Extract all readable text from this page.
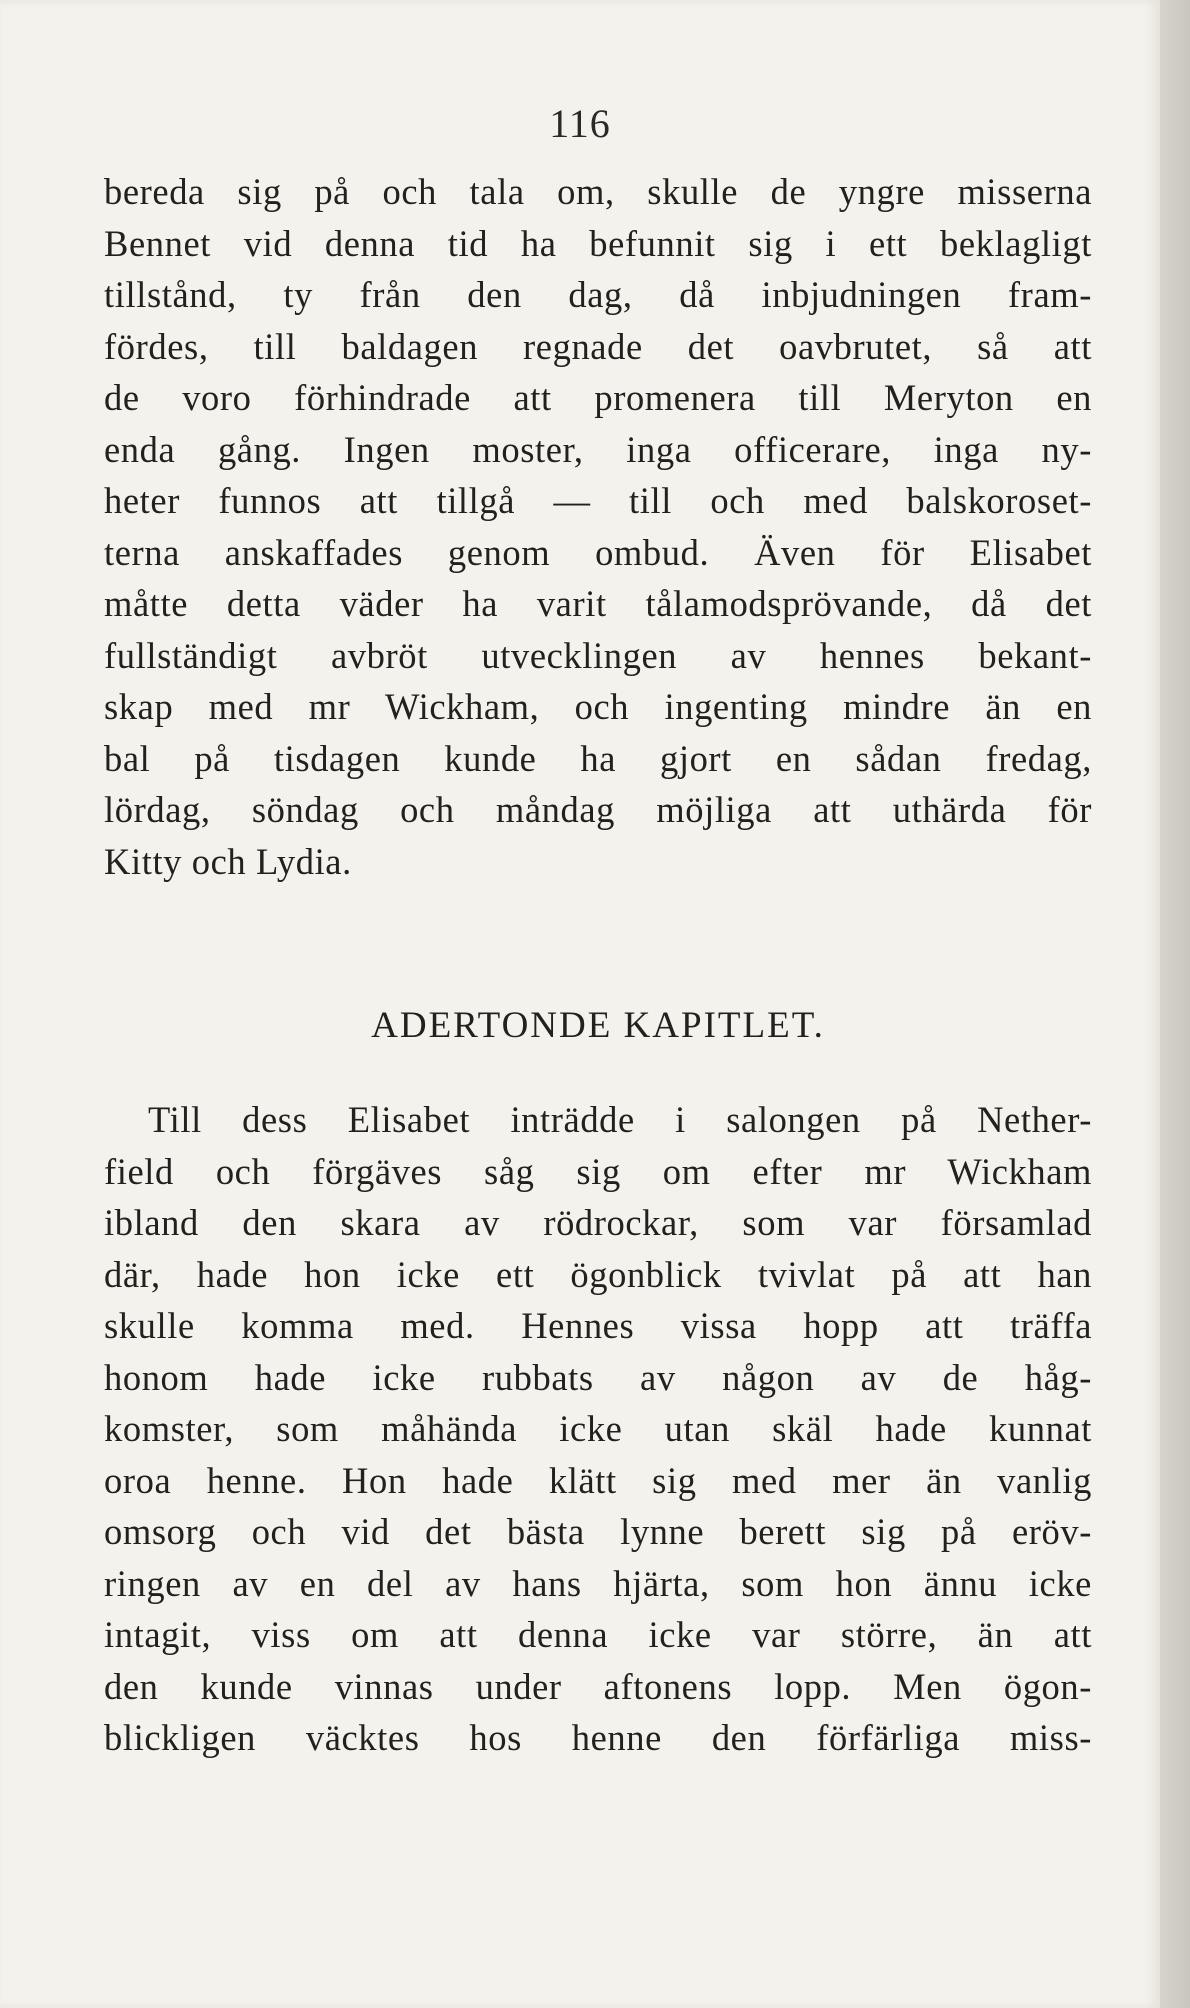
116
bereda sig på och tala om, skulle de yngre misserna
Bennet vid denna tid ha befunnit sig i ett beklagligt
tillstånd, ty från den dag, då inbjudningen fram-
fördes, till baldagen regnade det oavbrutet, så att
de voro förhindrade att promenera till Meryton en
enda gång. Ingen moster, inga officerare, inga ny-
heter funnos att tillgå — till och med balskoroset-
terna anskaffades genom ombud. Även för Elisabet
måtte detta väder ha varit tålamodsprövande, då det
fullständigt avbröt utvecklingen av hennes bekant-
skap med mr Wickham, och ingenting mindre än en
bal på tisdagen kunde ha gjort en sådan fredag,
lördag, söndag och måndag möjliga att uthärda för
Kitty och Lydia.
ADERTONDE KAPITLET.
Till dess Elisabet inträdde i salongen på Nether-
field och förgäves såg sig om efter mr Wickham
ibland den skara av rödrockar, som var församlad
där, hade hon icke ett ögonblick tvivlat på att han
skulle komma med. Hennes vissa hopp att träffa
honom hade icke rubbats av någon av de håg-
komster, som måhända icke utan skäl hade kunnat
oroa henne. Hon hade klätt sig med mer än vanlig
omsorg och vid det bästa lynne berett sig på eröv-
ringen av en del av hans hjärta, som hon ännu icke
intagit, viss om att denna icke var större, än att
den kunde vinnas under aftonens lopp. Men ögon-
blickligen väcktes hos henne den förfärliga miss-
